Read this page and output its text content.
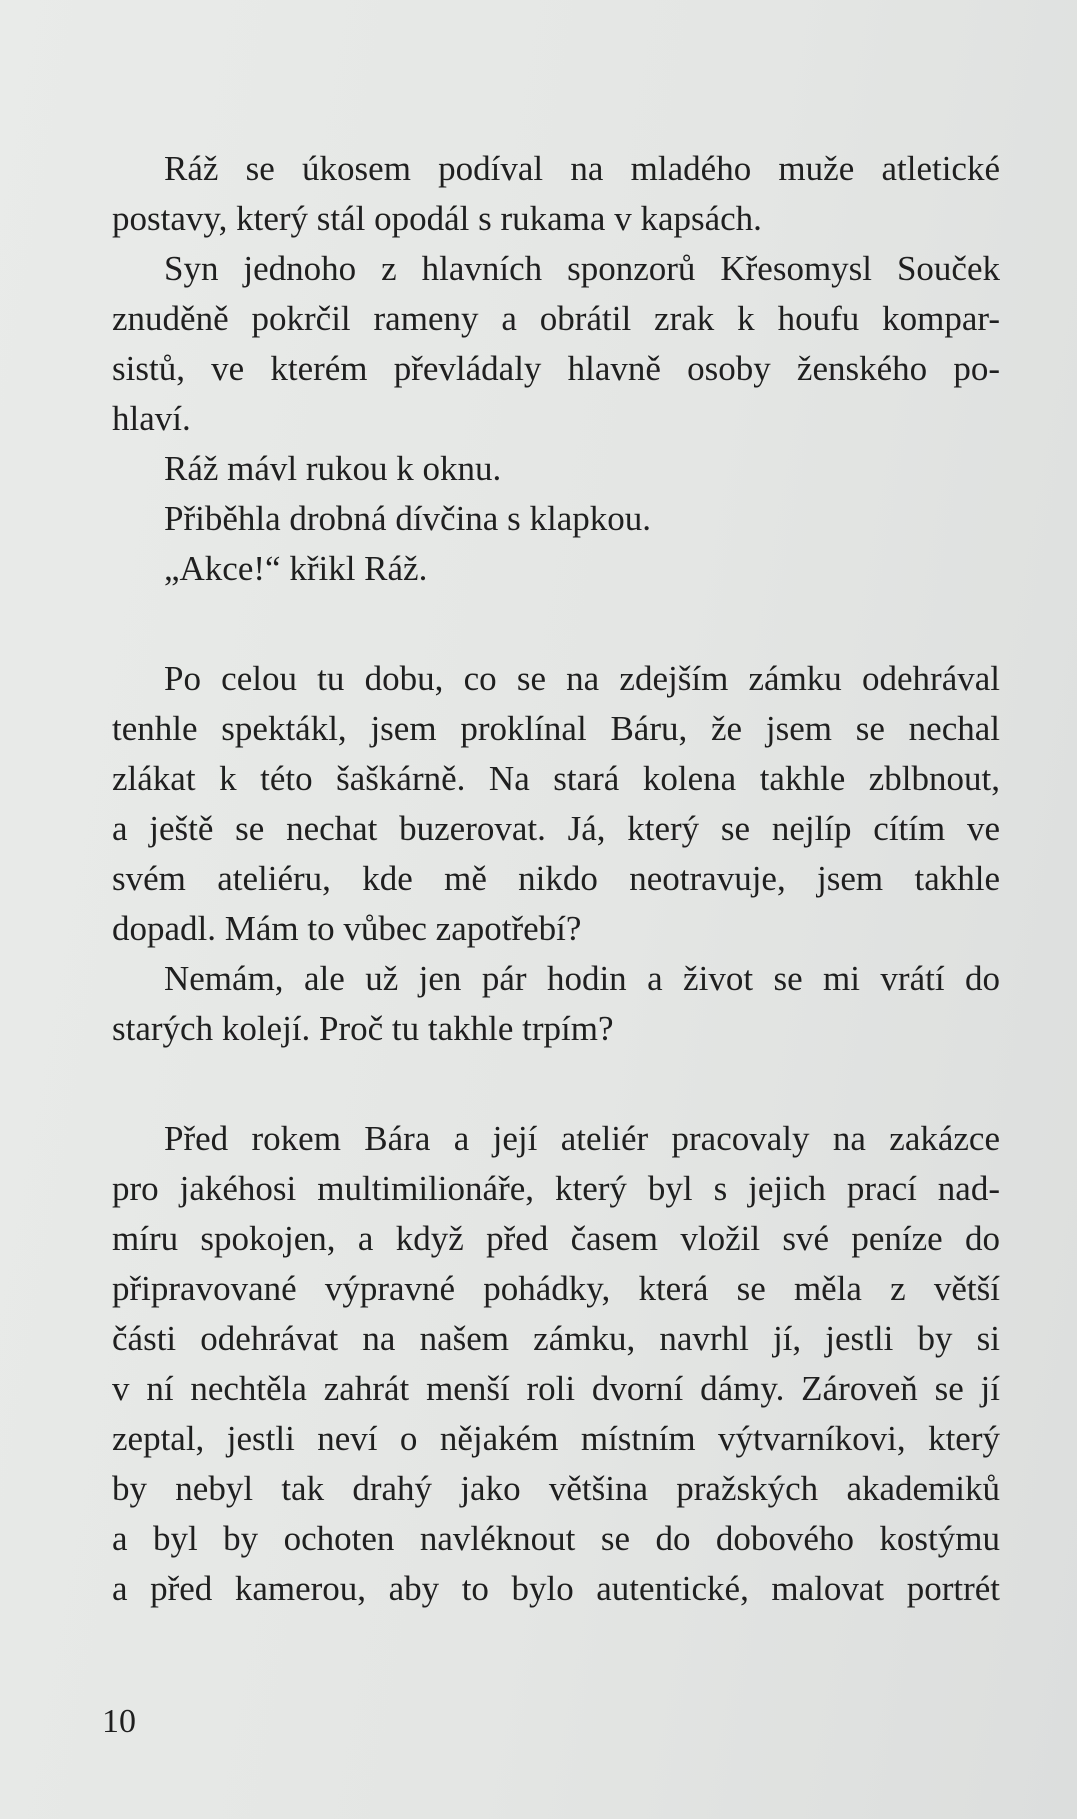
Ráž se úkosem podíval na mladého muže atletické
postavy, který stál opodál s rukama v kapsách.
Syn jednoho z hlavních sponzorů Křesomysl Souček
znuděně pokrčil rameny a obrátil zrak k houfu kompar-
sistů, ve kterém převládaly hlavně osoby ženského po-
hlaví.
Ráž mávl rukou k oknu.
Přiběhla drobná dívčina s klapkou.
„Akce!“ křikl Ráž.
Po celou tu dobu, co se na zdejším zámku odehrával
tenhle spektákl, jsem proklínal Báru, že jsem se nechal
zlákat k této šaškárně. Na stará kolena takhle zblbnout,
a ještě se nechat buzerovat. Já, který se nejlíp cítím ve
svém ateliéru, kde mě nikdo neotravuje, jsem takhle
dopadl. Mám to vůbec zapotřebí?
Nemám, ale už jen pár hodin a život se mi vrátí do
starých kolejí. Proč tu takhle trpím?
Před rokem Bára a její ateliér pracovaly na zakázce
pro jakéhosi multimilionáře, který byl s jejich prací nad-
míru spokojen, a když před časem vložil své peníze do
připravované výpravné pohádky, která se měla z větší
části odehrávat na našem zámku, navrhl jí, jestli by si
v ní nechtěla zahrát menší roli dvorní dámy. Zároveň se jí
zeptal, jestli neví o nějakém místním výtvarníkovi, který
by nebyl tak drahý jako většina pražských akademiků
a byl by ochoten navléknout se do dobového kostýmu
a před kamerou, aby to bylo autentické, malovat portrét
10
